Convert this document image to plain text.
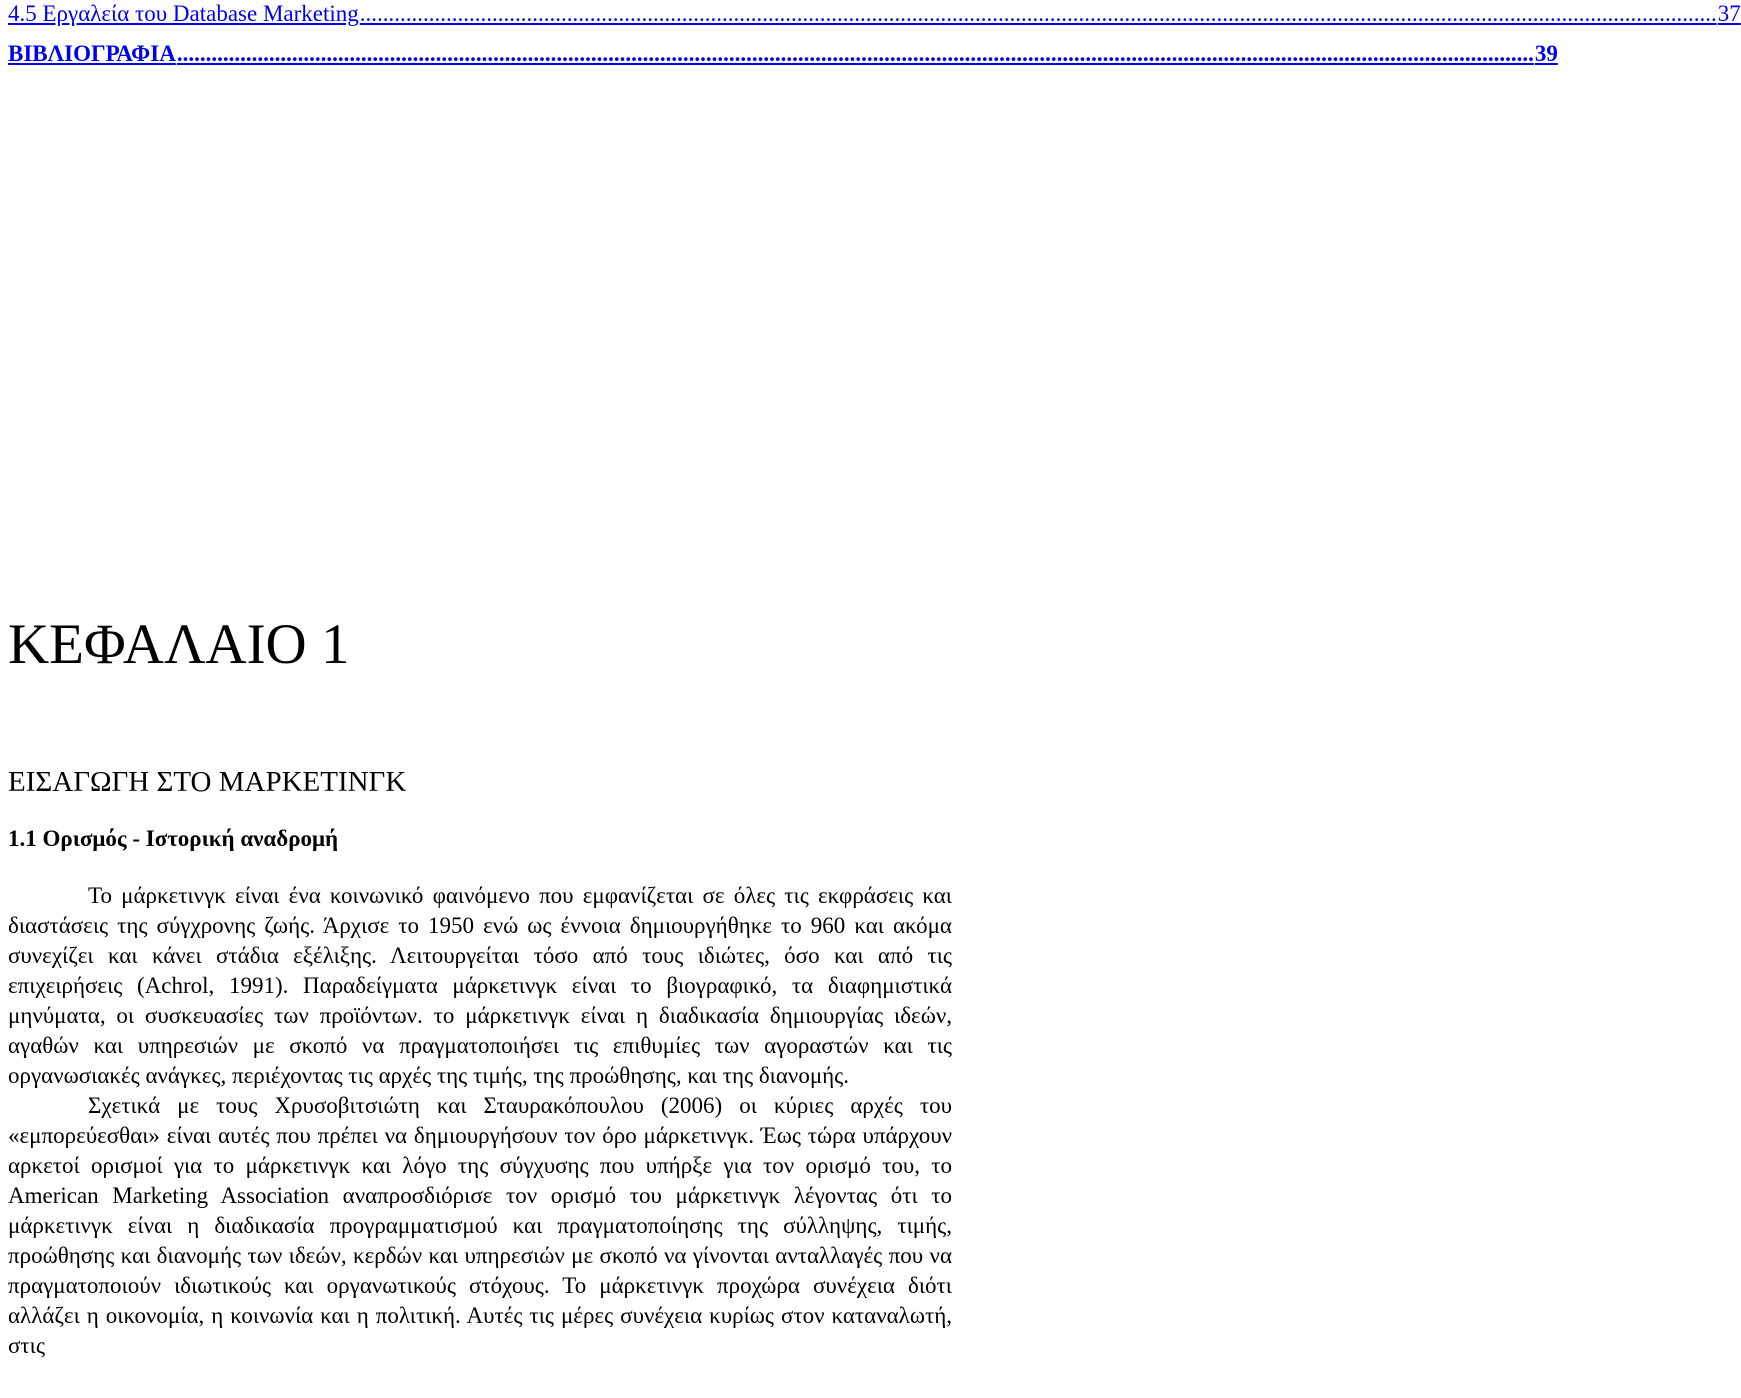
4.5 Εργαλεία του Database Marketing ............................................................................................................................................................................................................................................ 37
ΒΙΒΛΙΟΓΡΑΦΙΑ ............................................................................................................................................................................................................................................ 39
ΚΕΦΑΛΑΙΟ 1
ΕΙΣΑΓΩΓΗ ΣΤΟ ΜΑΡΚΕΤΙΝΓΚ
1.1 Ορισμός - Ιστορική αναδρομή

Το μάρκετινγκ είναι ένα κοινωνικό φαινόμενο που εμφανίζεται σε όλες τις εκφράσεις και διαστάσεις της σύγχρονης ζωής. Άρχισε το 1950 ενώ ως έννοια δημιουργήθηκε το 960 και ακόμα συνεχίζει και κάνει στάδια εξέλιξης. Λειτουργείται τόσο από τους ιδιώτες, όσο και από τις επιχειρήσεις (Achrol, 1991). Παραδείγματα μάρκετινγκ είναι το βιογραφικό, τα διαφημιστικά μηνύματα, οι συσκευασίες των προϊόντων. το μάρκετινγκ είναι η διαδικασία δημιουργίας ιδεών, αγαθών και υπηρεσιών με σκοπό να πραγματοποιήσει τις επιθυμίες των αγοραστών και τις οργανωσιακές ανάγκες, περιέχοντας τις αρχές της τιμής, της προώθησης, και της διανομής.

Σχετικά με τους Χρυσοβιτσιώτη και Σταυρακόπουλου (2006) οι κύριες αρχές του «εμπορεύεσθαι» είναι αυτές που πρέπει να δημιουργήσουν τον όρο μάρκετινγκ. Έως τώρα υπάρχουν αρκετοί ορισμοί για το μάρκετινγκ και λόγο της σύγχυσης που υπήρξε για τον ορισμό του, το American Marketing Association αναπροσδιόρισε τον ορισμό του μάρκετινγκ λέγοντας ότι το μάρκετινγκ είναι η διαδικασία προγραμματισμού και πραγματοποίησης της σύλληψης, τιμής, προώθησης και διανομής των ιδεών, κερδών και υπηρεσιών με σκοπό να γίνονται ανταλλαγές που να πραγματοποιούν ιδιωτικούς και οργανωτικούς στόχους. Το μάρκετινγκ προχώρα συνέχεια διότι αλλάζει η οικονομία, η κοινωνία και η πολιτική. Αυτές τις μέρες συνέχεια κυρίως στον καταναλωτή, στις
